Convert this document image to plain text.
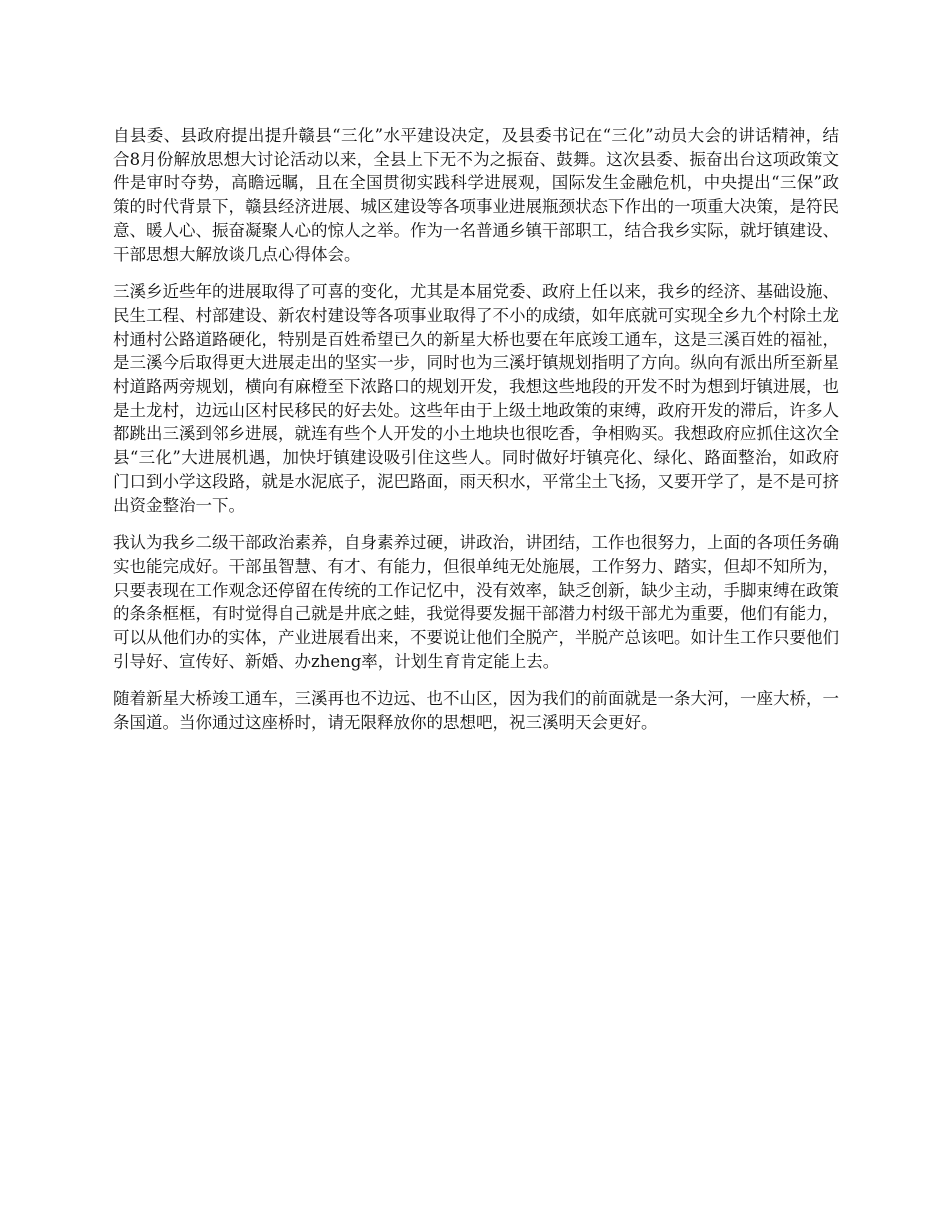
自县委、县政府提出提升赣县“三化”水平建设决定，及县委书记在“三化”动员大会的讲话精神，结合8月份解放思想大讨论活动以来，全县上下无不为之振奋、鼓舞。这次县委、振奋出台这项政策文件是审时夺势，高瞻远瞩，且在全国贯彻实践科学进展观，国际发生金融危机，中央提出“三保”政策的时代背景下，赣县经济进展、城区建设等各项事业进展瓶颈状态下作出的一项重大决策，是符民意、暖人心、振奋凝聚人心的惊人之举。作为一名普通乡镇干部职工，结合我乡实际，就圩镇建设、干部思想大解放谈几点心得体会。

三溪乡近些年的进展取得了可喜的变化，尤其是本届党委、政府上任以来，我乡的经济、基础设施、民生工程、村部建设、新农村建设等各项事业取得了不小的成绩，如年底就可实现全乡九个村除土龙村通村公路道路硬化，特别是百姓希望已久的新星大桥也要在年底竣工通车，这是三溪百姓的福祉，是三溪今后取得更大进展走出的坚实一步，同时也为三溪圩镇规划指明了方向。纵向有派出所至新星村道路两旁规划，横向有麻橙至下浓路口的规划开发，我想这些地段的开发不时为想到圩镇进展，也是土龙村，边远山区村民移民的好去处。这些年由于上级土地政策的束缚，政府开发的滞后，许多人都跳出三溪到邻乡进展，就连有些个人开发的小土地块也很吃香，争相购买。我想政府应抓住这次全县“三化”大进展机遇，加快圩镇建设吸引住这些人。同时做好圩镇亮化、绿化、路面整治，如政府门口到小学这段路，就是水泥底子，泥巴路面，雨天积水，平常尘土飞扬，又要开学了，是不是可挤出资金整治一下。

我认为我乡二级干部政治素养，自身素养过硬，讲政治，讲团结，工作也很努力，上面的各项任务确实也能完成好。干部虽智慧、有才、有能力，但很单纯无处施展，工作努力、踏实，但却不知所为，只要表现在工作观念还停留在传统的工作记忆中，没有效率，缺乏创新，缺少主动，手脚束缚在政策的条条框框，有时觉得自己就是井底之蛙，我觉得要发掘干部潜力村级干部尤为重要，他们有能力，可以从他们办的实体，产业进展看出来，不要说让他们全脱产，半脱产总该吧。如计生工作只要他们引导好、宣传好、新婚、办zheng率，计划生育肯定能上去。

随着新星大桥竣工通车，三溪再也不边远、也不山区，因为我们的前面就是一条大河，一座大桥，一条国道。当你通过这座桥时，请无限释放你的思想吧，祝三溪明天会更好。
